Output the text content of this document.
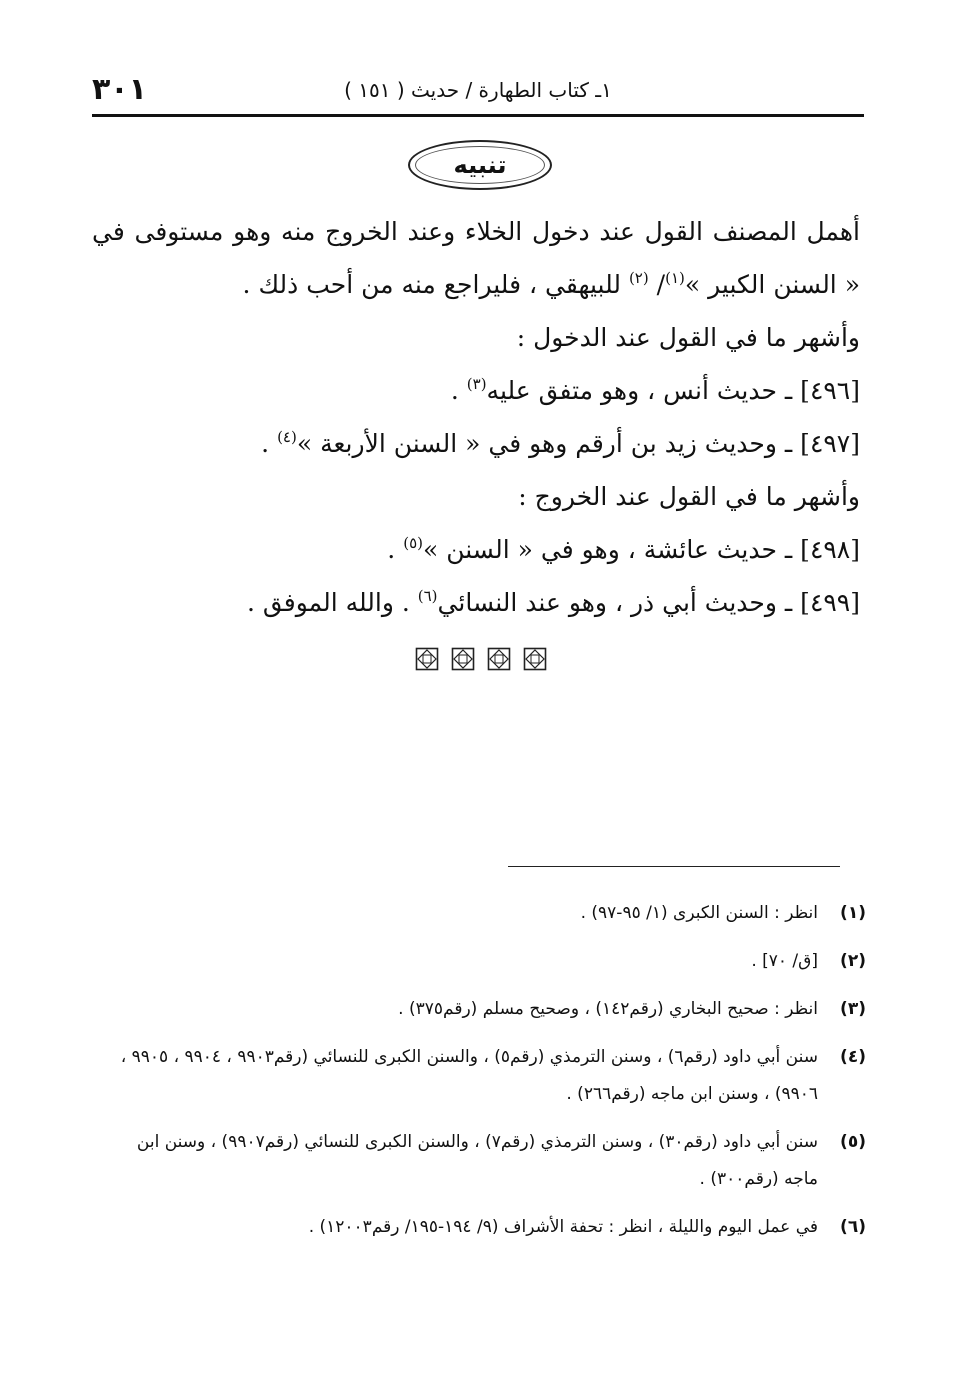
٣٠١	١ـ كتاب الطهارة / حديث ( ١٥١ )
تنبيه
أهمل المصنف القول عند دخول الخلاء وعند الخروج منه وهو مستوفى في
« السنن الكبير »$^{(١)}$/ $^{(٢)}$ للبيهقي ، فليراجع منه من أحب ذلك .
وأشهر ما في القول عند الدخول :
[٤٩٦] ـ حديث أنس ، وهو متفق عليه$^{(٣)}$ .
[٤٩٧] ـ وحديث زيد بن أرقم وهو في « السنن الأربعة »$^{(٤)}$ .
وأشهر ما في القول عند الخروج :
[٤٩٨] ـ حديث عائشة ، وهو في « السنن »$^{(٥)}$ .
[٤٩٩] ـ وحديث أبي ذر ، وهو عند النسائي$^{(٦)}$ . والله الموفق .
(١)
انظر : السنن الكبرى (١/ ٩٥-٩٧) .
(٢)
[ق/ ٧٠] .
(٣)
انظر : صحيح البخاري (رقم١٤٢) ، وصحيح مسلم (رقم٣٧٥) .
(٤)
سنن أبي داود (رقم٦) ، وسنن الترمذي (رقم٥) ، والسنن الكبرى للنسائي (رقم٩٩٠٣ ، ٩٩٠٤ ، ٩٩٠٥ ، ٩٩٠٦) ، وسنن ابن ماجه (رقم٢٦٦) .
(٥)
سنن أبي داود (رقم٣٠) ، وسنن الترمذي (رقم٧) ، والسنن الكبرى للنسائي (رقم٩٩٠٧) ، وسنن ابن ماجه (رقم٣٠٠) .
(٦)
في عمل اليوم والليلة ، انظر : تحفة الأشراف (٩/ ١٩٤-١٩٥/ رقم١٢٠٠٣) .
